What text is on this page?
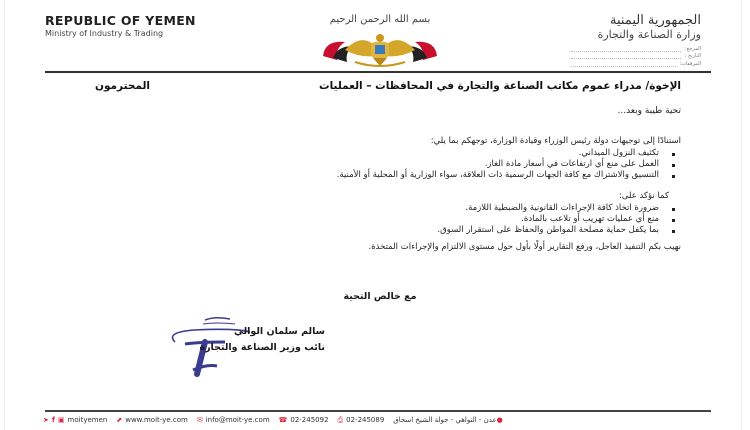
REPUBLIC OF YEMEN
Ministry of Industry & Trading
بسم الله الرحمن الرحيم	الجمهورية اليمنية
وزارة الصناعة والتجارة
المرجع:
التاريخ :
المرفقات:
الإخوة/ مدراء عموم مكاتب الصناعة والتجارة في المحافظات – العمليات
المحترمون
تحية طيبة وبعد...
استنادًا إلى توجيهات دولة رئيس الوزراء وقيادة الوزارة، توجهكم بما يلي:
تكثيف النزول الميداني.
العمل على منع أي ارتفاعات في أسعار مادة الغاز.
التنسيق والاشتراك مع كافة الجهات الرسمية ذات العلاقة، سواء الوزارية أو المحلية أو الأمنية.
كما نؤكد على:
ضرورة اتخاذ كافة الإجراءات القانونية والضبطية اللازمة.
منع أي عمليات تهريب أو تلاعب بالمادة.
بما يكفل حماية مصلحة المواطن والحفاظ على استقرار السوق.
نهيب بكم التنفيذ العاجل، ورفع التقارير أولًا بأول حول مستوى الالتزام والإجراءات المتخذة.
مع خالص التحية
سالم سلمان الوالي
نائب وزير الصناعة والتجارة
➤ f ▣ moityemen ⬈ www.moit-ye.com ✉ info@moit-ye.com ☎ 02-245092 ⎙ 02-245089	●
عدن - التواهي - جولة الشيخ اسحاق
